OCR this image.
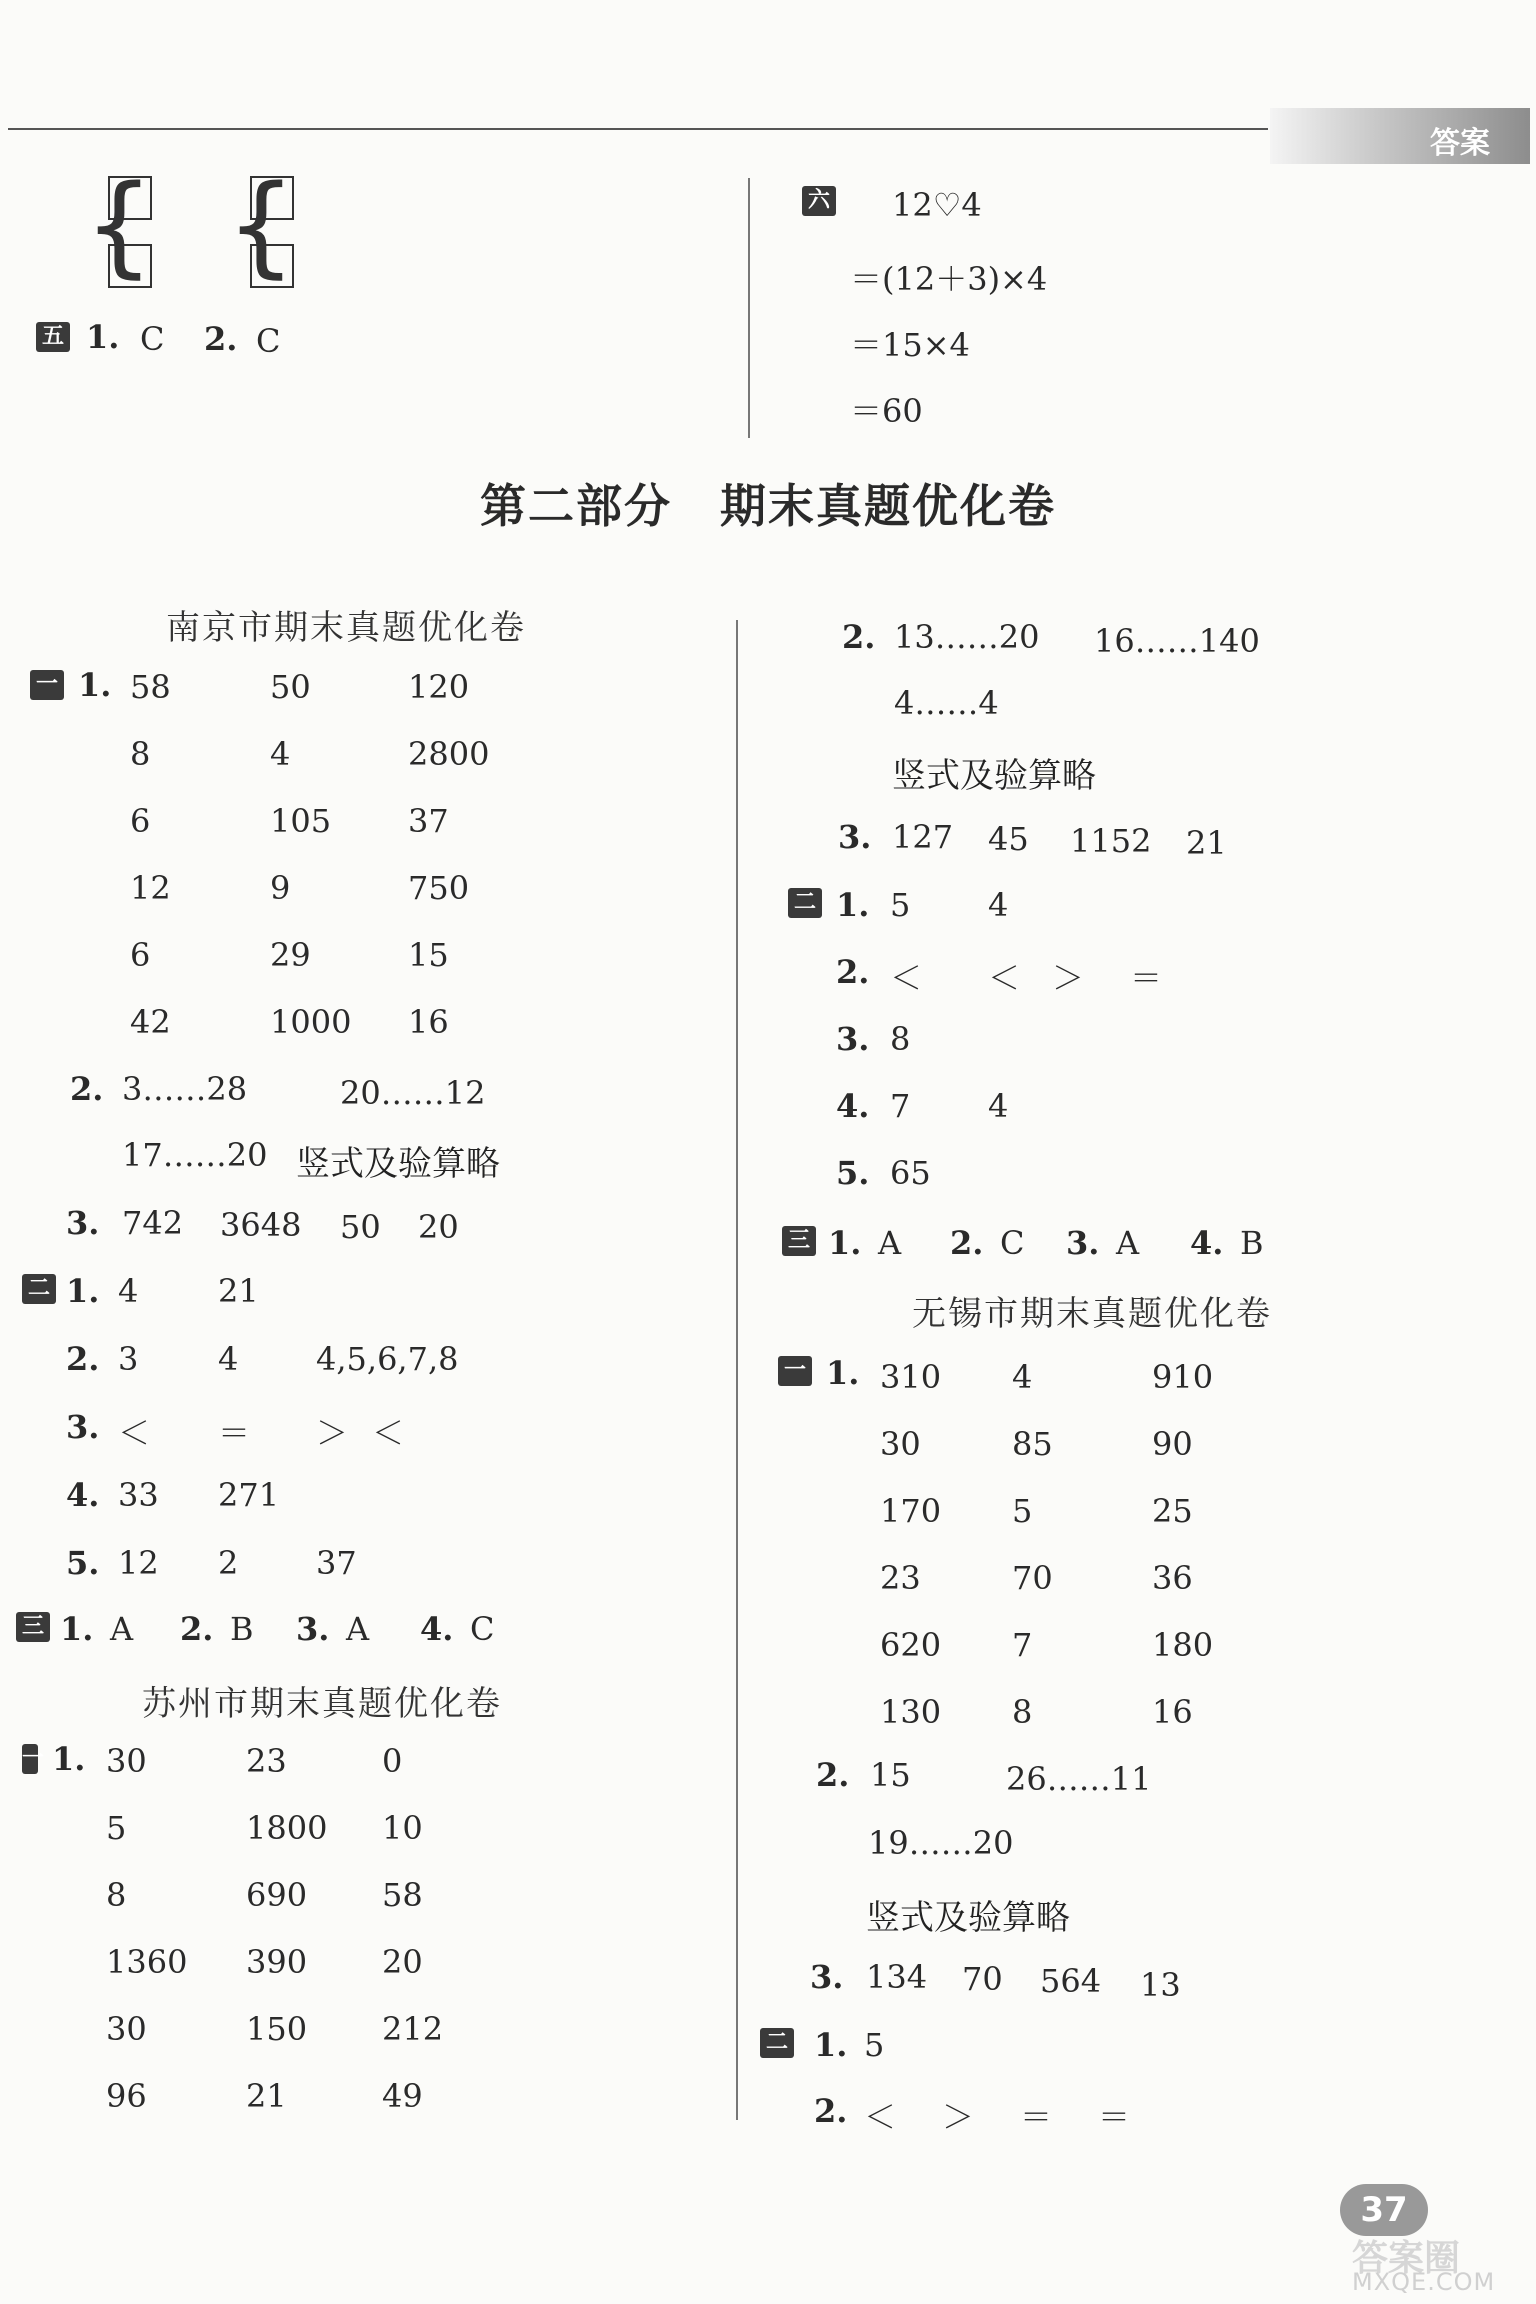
答案
{ {
五 1. C 2. C
六 12♡4
＝(12＋3)×4
＝15×4
＝60
第二部分　期末真题优化卷
南京市期末真题优化卷
一 1. 58	50	120
8	4	2800
6	105 37
12	9	750
6	29	15
42	1000 16
2. 3……28	20……12
17……20 竖式及验算略
3. 742 3648 50 20
二 1. 4 21
2. 3 4 4,5,6,7,8
3. ＜ ＝ ＞ ＜
4. 33 271
5. 12 2 37
三 1. A 2. B 3. A 4. C
苏州市期末真题优化卷
一 1. 30	23	0
5	1800 10
8	690 58
1360 390 20
30	150 212
96	21	49
2. 13……20 16……140
4……4
竖式及验算略
3. 127 45 1152 21
二 1. 5 4
2. ＜ ＜ ＞ ＝
3. 8
4. 7 4
5. 65
三 1. A 2. C 3. A 4. B
无锡市期末真题优化卷
一 1. 310 4	910
30	85	90
170 5	25
23	70	36
620 7	180
130 8	16
2. 15	26……11
19……20
竖式及验算略
3. 134 70 564 13
二 1. 5
2. ＜ ＞ ＝ ＝
37
答案圈
MXQE.COM
